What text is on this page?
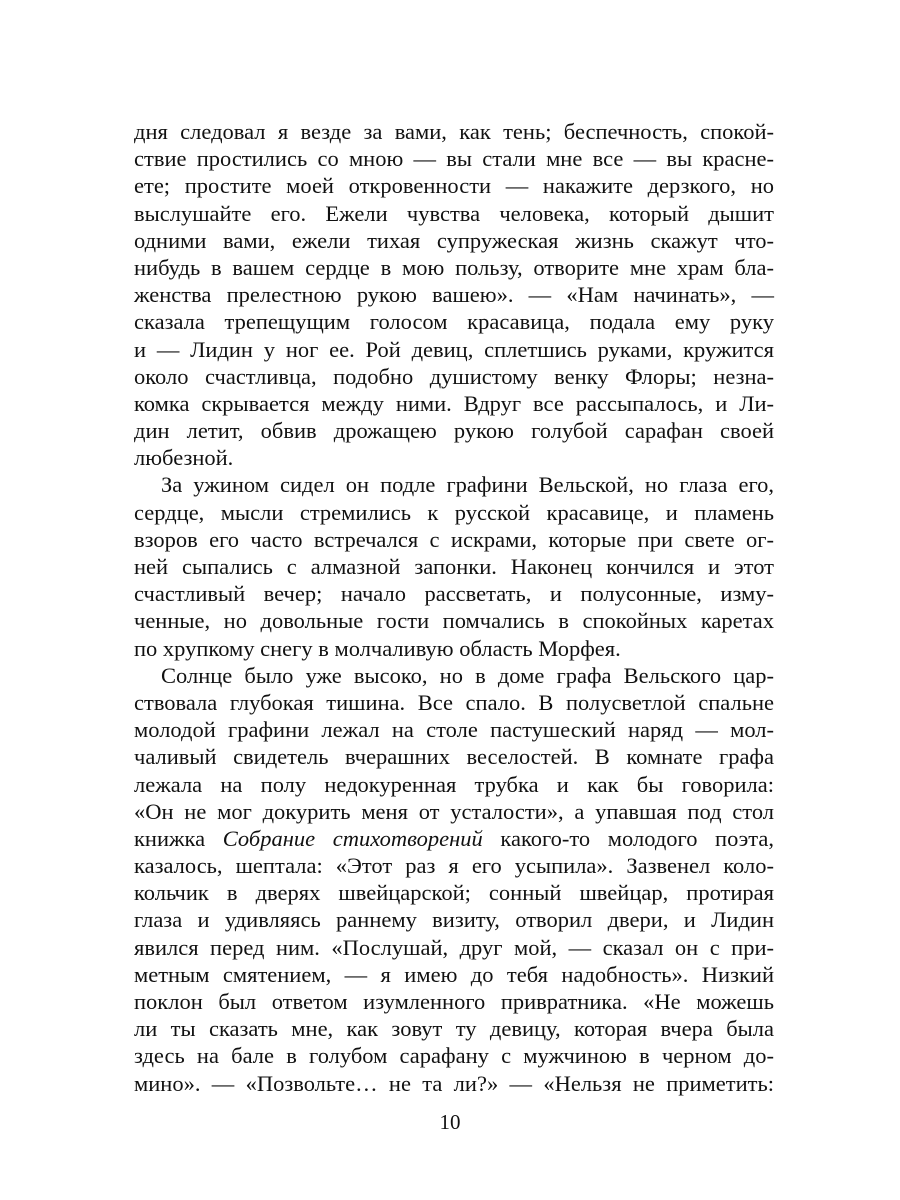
дня следовал я везде за вами, как тень; беспечность, спокой-
ствие простились со мною — вы стали мне все — вы красне-
ете; простите моей откровенности — накажите дерзкого, но
выслушайте его. Ежели чувства человека, который дышит
одними вами, ежели тихая супружеская жизнь скажут что-
нибудь в вашем сердце в мою пользу, отворите мне храм бла-
женства прелестною рукою вашею». — «Нам начинать», —
сказала трепещущим голосом красавица, подала ему руку
и — Лидин у ног ее. Рой девиц, сплетшись руками, кружится
около счастливца, подобно душистому венку Флоры; незна-
комка скрывается между ними. Вдруг все рассыпалось, и Ли-
дин летит, обвив дрожащею рукою голубой сарафан своей
любезной.
За ужином сидел он подле графини Вельской, но глаза его,
сердце, мысли стремились к русской красавице, и пламень
взоров его часто встречался с искрами, которые при свете ог-
ней сыпались с алмазной запонки. Наконец кончился и этот
счастливый вечер; начало рассветать, и полусонные, изму-
ченные, но довольные гости помчались в спокойных каретах
по хрупкому снегу в молчаливую область Морфея.
Солнце было уже высоко, но в доме графа Вельского цар-
ствовала глубокая тишина. Все спало. В полусветлой спальне
молодой графини лежал на столе пастушеский наряд — мол-
чаливый свидетель вчерашних веселостей. В комнате графа
лежала на полу недокуренная трубка и как бы говорила:
«Он не мог докурить меня от усталости», а упавшая под стол
книжка Собрание стихотворений какого-то молодого поэта,
казалось, шептала: «Этот раз я его усыпила». Зазвенел коло-
кольчик в дверях швейцарской; сонный швейцар, протирая
глаза и удивляясь раннему визиту, отворил двери, и Лидин
явился перед ним. «Послушай, друг мой, — сказал он с при-
метным смятением, — я имею до тебя надобность». Низкий
поклон был ответом изумленного привратника. «Не можешь
ли ты сказать мне, как зовут ту девицу, которая вчера была
здесь на бале в голубом сарафану с мужчиною в черном до-
мино». — «Позвольте… не та ли?» — «Нельзя не приметить:
10
